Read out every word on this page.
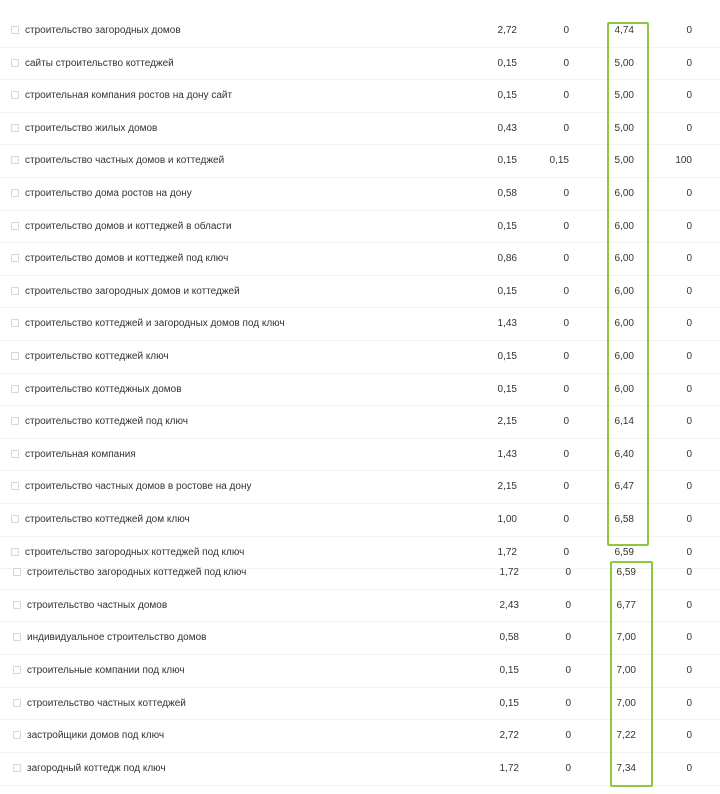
строительство загородных домов	2,72	0	4,74	0
сайты строительство коттеджей	0,15	0	5,00	0
строительная компания ростов на дону сайт	0,15	0	5,00	0
строительство жилых домов	0,43	0	5,00	0
строительство частных домов и коттеджей	0,15	0,15	5,00	100
строительство дома ростов на дону	0,58	0	6,00	0
строительство домов и коттеджей в области	0,15	0	6,00	0
строительство домов и коттеджей под ключ	0,86	0	6,00	0
строительство загородных домов и коттеджей	0,15	0	6,00	0
строительство коттеджей и загородных домов под ключ	1,43	0	6,00	0
строительство коттеджей ключ	0,15	0	6,00	0
строительство коттеджных домов	0,15	0	6,00	0
строительство коттеджей под ключ	2,15	0	6,14	0
строительная компания	1,43	0	6,40	0
строительство частных домов в ростове на дону	2,15	0	6,47	0
строительство коттеджей дом ключ	1,00	0	6,58	0
строительство загородных коттеджей под ключ	1,72	0	6,59	0
строительство загородных коттеджей под ключ	1,72	0	6,59	0
строительство частных домов	2,43	0	6,77	0
индивидуальное строительство домов	0,58	0	7,00	0
строительные компании под ключ	0,15	0	7,00	0
строительство частных коттеджей	0,15	0	7,00	0
застройщики домов под ключ	2,72	0	7,22	0
загородный коттедж под ключ	1,72	0	7,34	0
